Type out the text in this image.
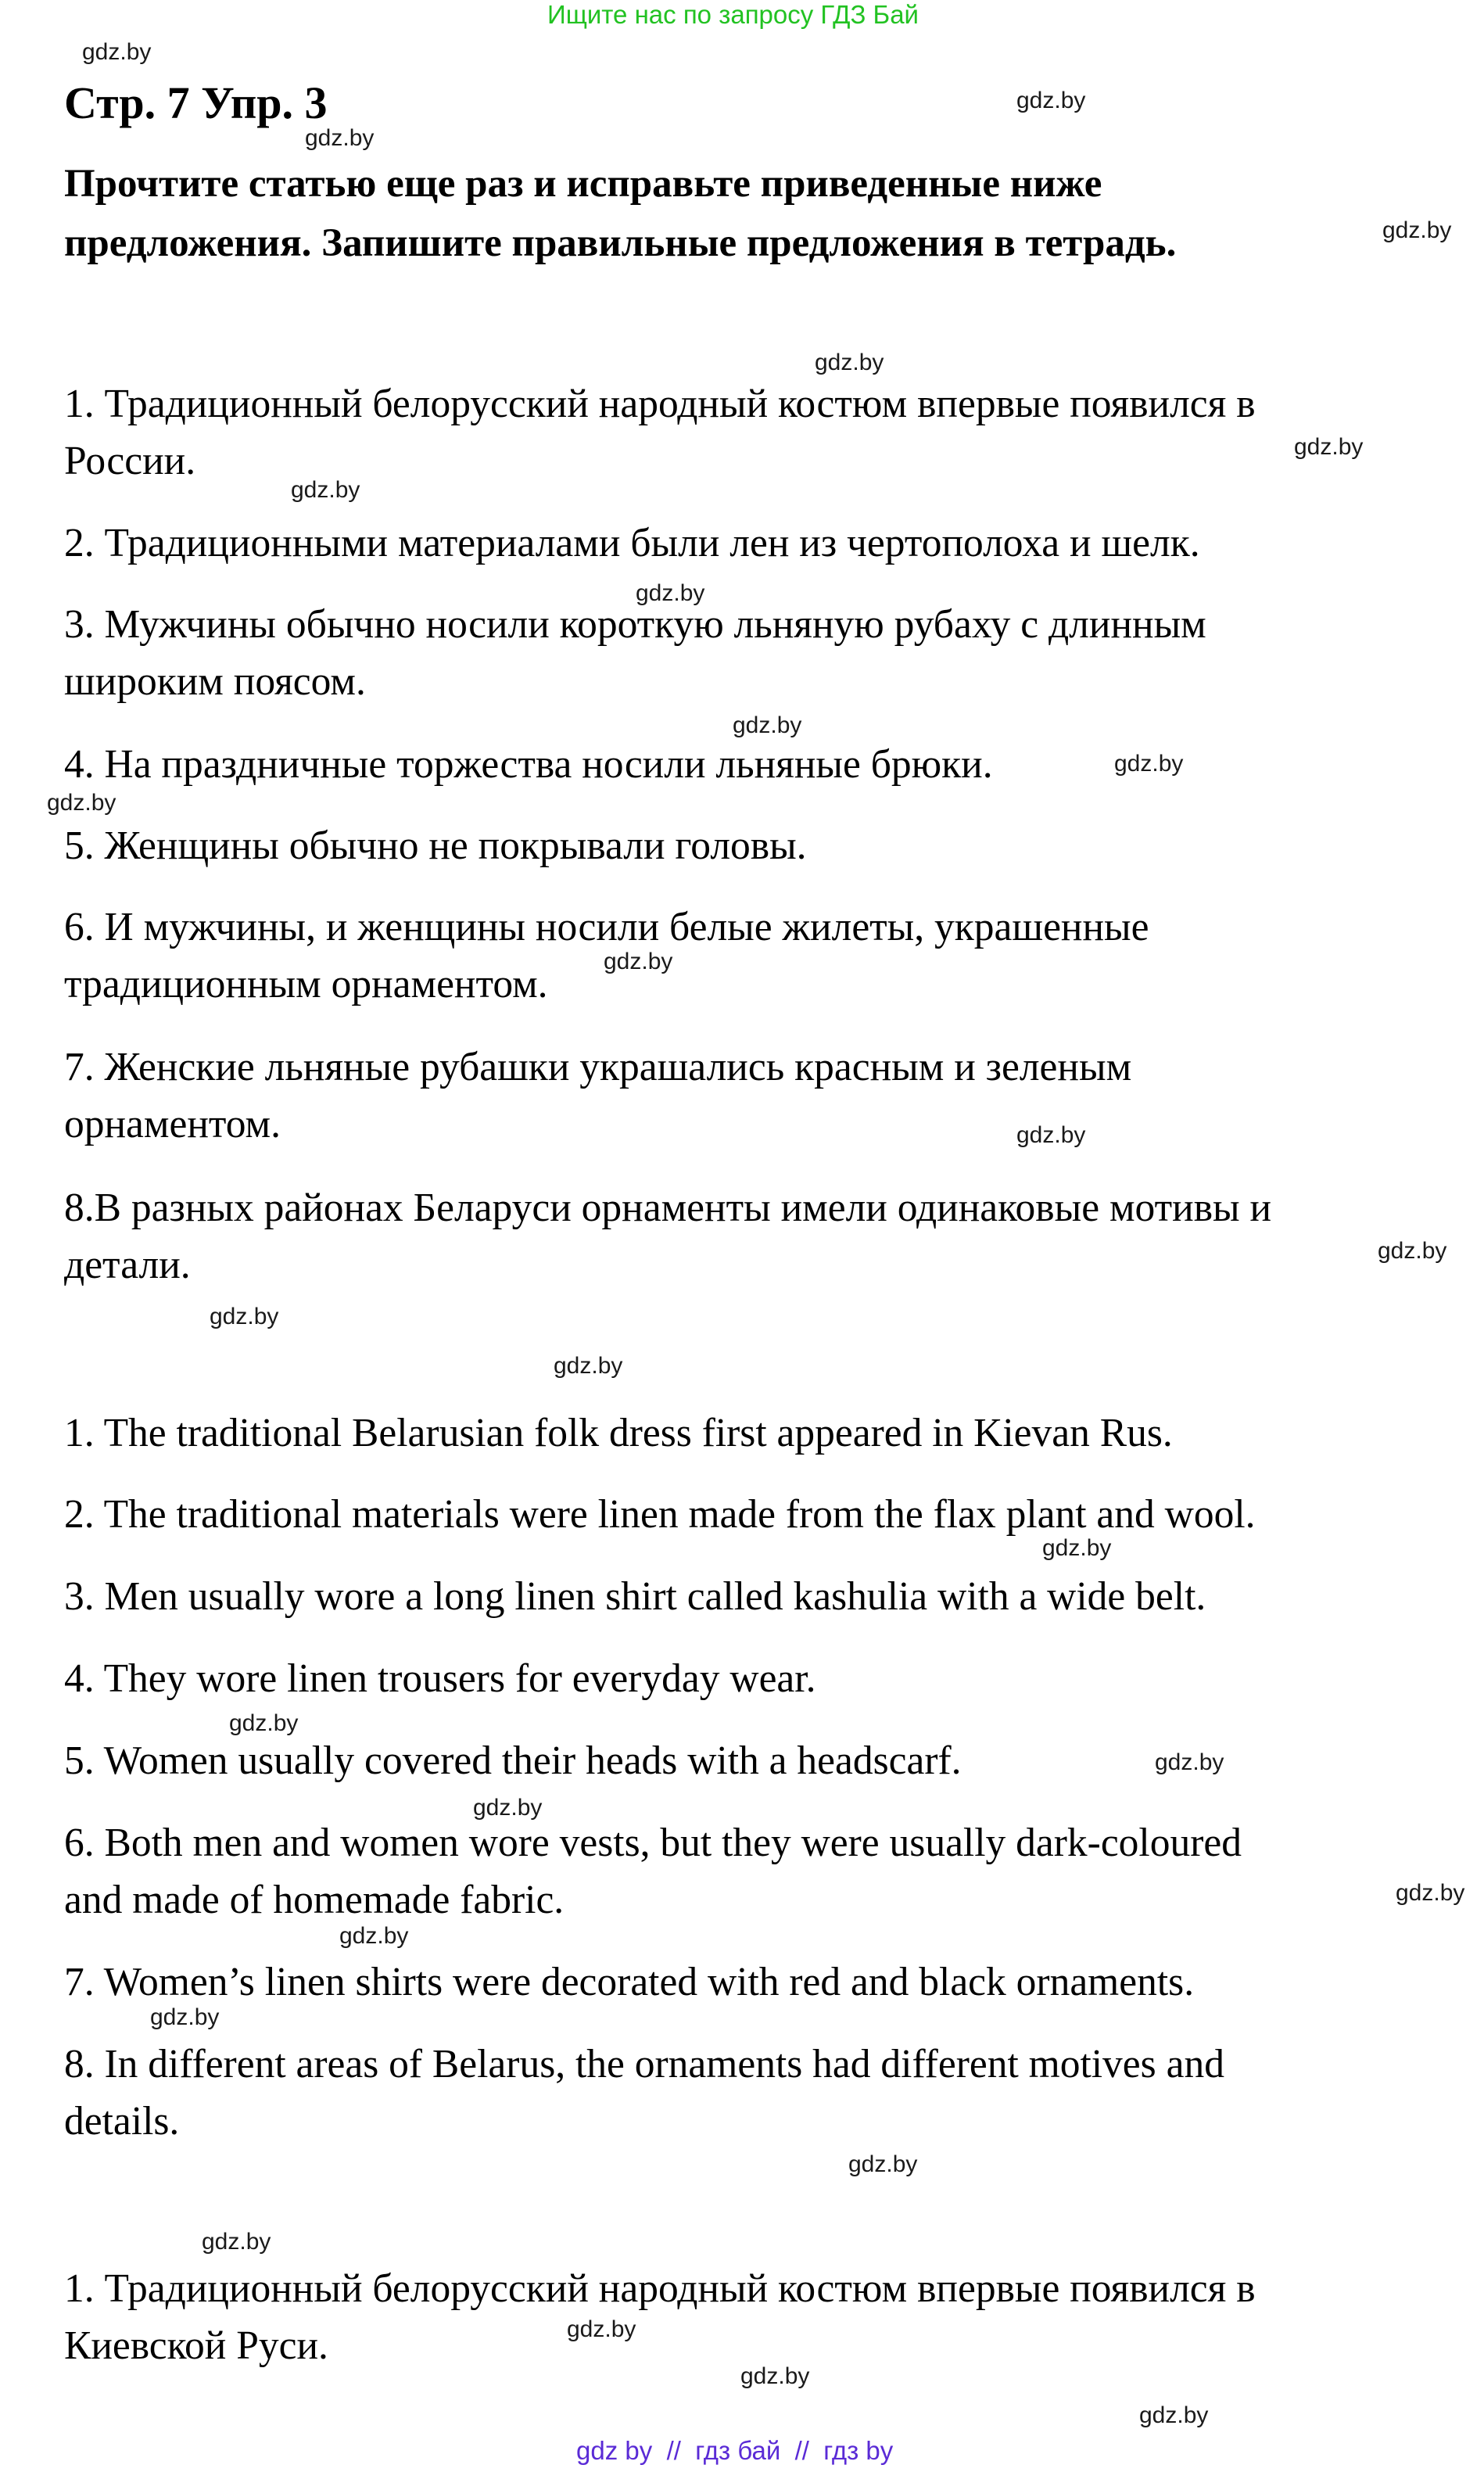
Ищите нас по запросу ГДЗ Бай
Стр. 7 Упр. 3
Прочтите статью еще раз и исправьте приведенные ниже
предложения. Запишите правильные предложения в тетрадь.
1. Традиционный белорусский народный костюм впервые появился в
России.
2. Традиционными материалами были лен из чертополоха и шелк.
3. Мужчины обычно носили короткую льняную рубаху с длинным
широким поясом.
4. На праздничные торжества носили льняные брюки.
5. Женщины обычно не покрывали головы.
6. И мужчины, и женщины носили белые жилеты, украшенные
традиционным орнаментом.
7. Женские льняные рубашки украшались красным и зеленым
орнаментом.
8.В разных районах Беларуси орнаменты имели одинаковые мотивы и
детали.
1. The traditional Belarusian folk dress first appeared in Kievan Rus.
2. The traditional materials were linen made from the flax plant and wool.
3. Men usually wore a long linen shirt called kashulia with a wide belt.
4. They wore linen trousers for everyday wear.
5. Women usually covered their heads with a headscarf.
6. Both men and women wore vests, but they were usually dark-coloured
and made of homemade fabric.
7. Women’s linen shirts were decorated with red and black ornaments.
8. In different areas of Belarus, the ornaments had different motives and
details.
1. Традиционный белорусский народный костюм впервые появился в
Киевской Руси.
gdz.by
gdz.by
gdz.by
gdz.by
gdz.by
gdz.by
gdz.by
gdz.by
gdz.by
gdz.by
gdz.by
gdz.by
gdz.by
gdz.by
gdz.by
gdz.by
gdz.by
gdz.by
gdz.by
gdz.by
gdz.by
gdz.by
gdz.by
gdz.by
gdz.by
gdz.by
gdz.by
gdz.by
gdz by  //  гдз бай  //  гдз by
